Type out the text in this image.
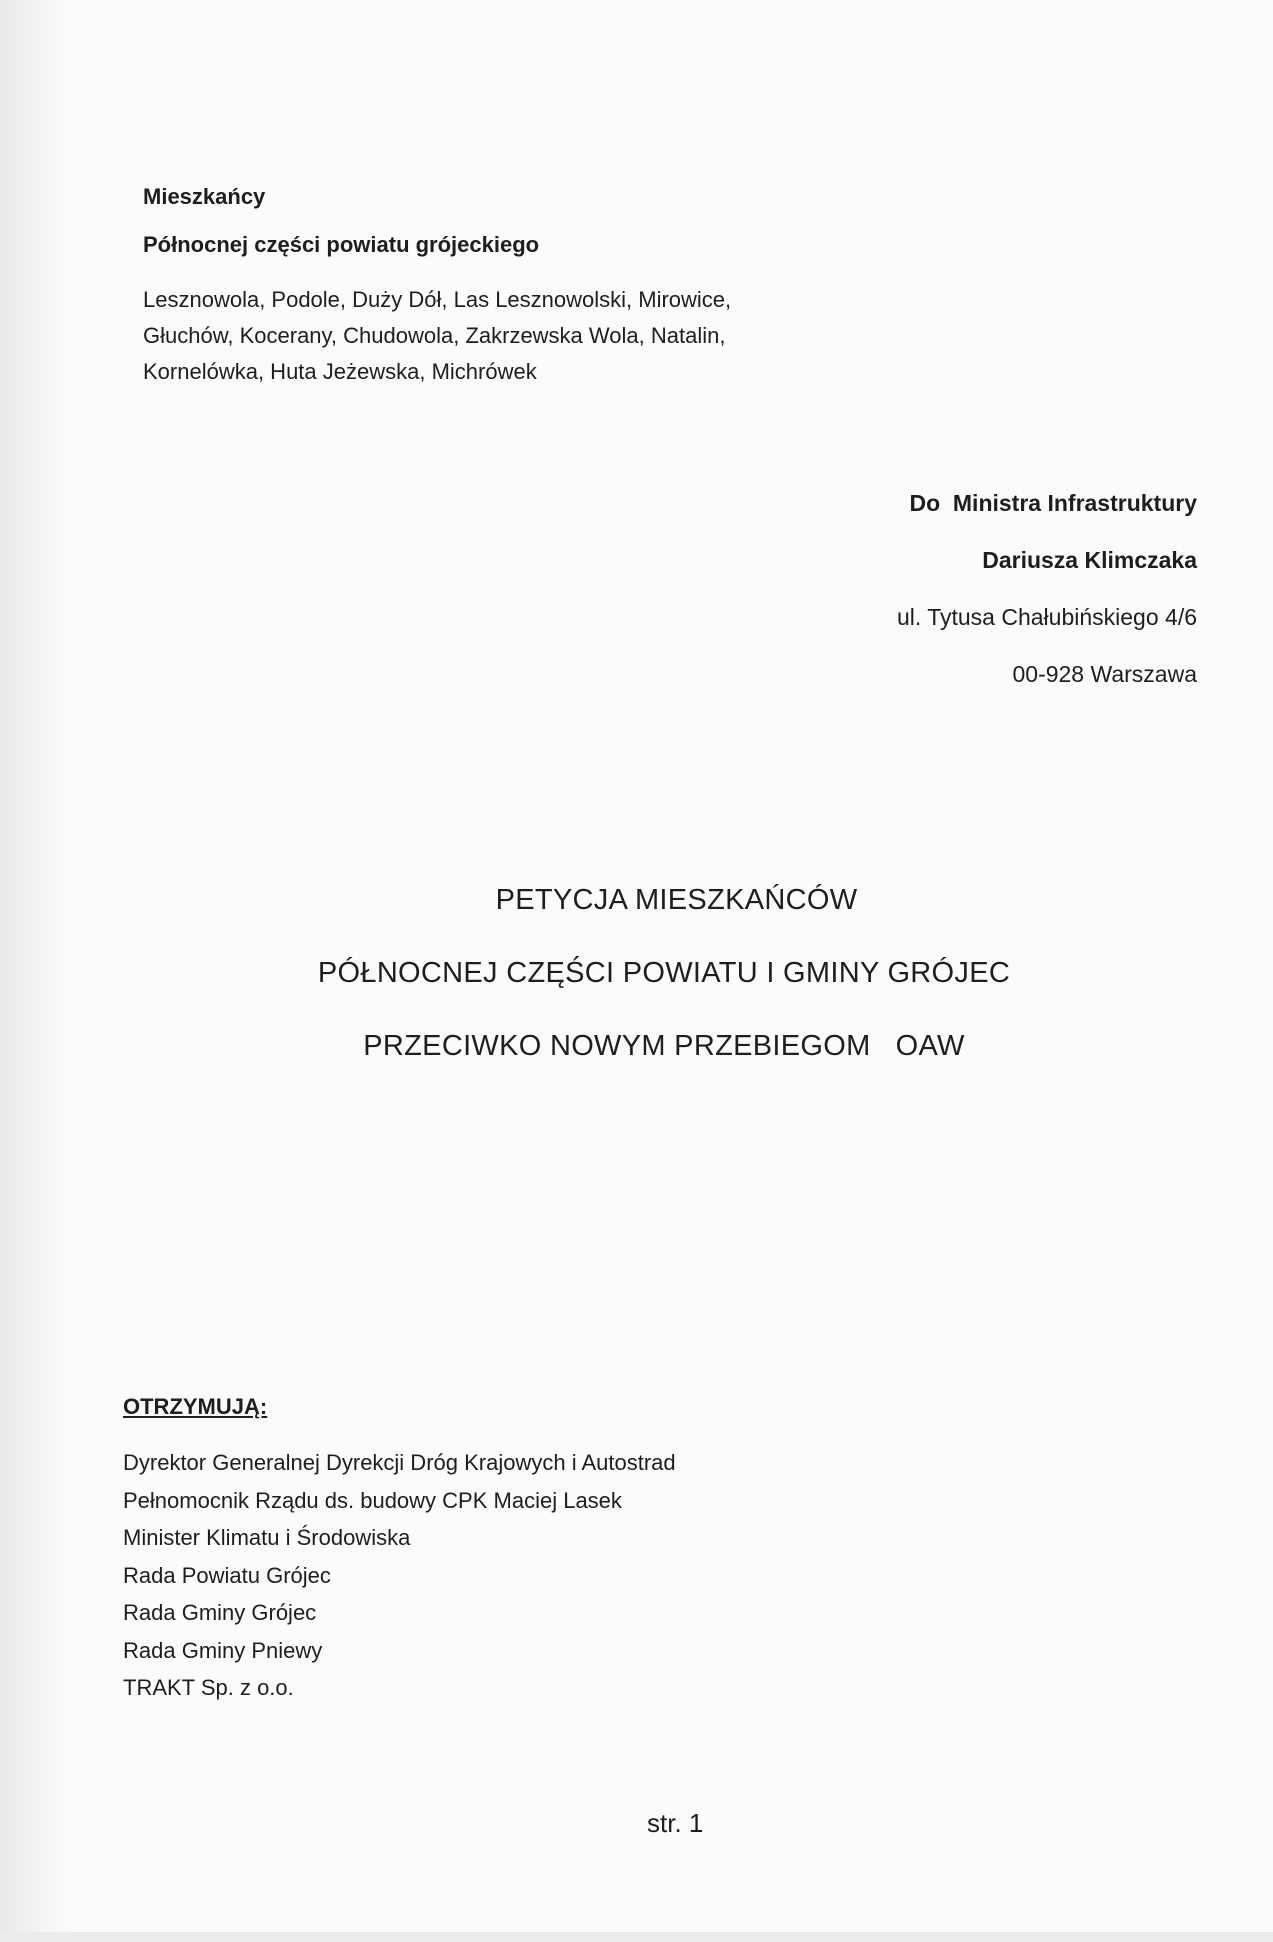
Mieszkańcy

Północnej części powiatu grójeckiego

Lesznowola, Podole, Duży Dół, Las Lesznowolski, Mirowice,
Głuchów, Kocerany, Chudowola, Zakrzewska Wola, Natalin,
Kornelówka, Huta Jeżewska, Michrówek

Do  Ministra Infrastruktury

Dariusza Klimczaka

ul. Tytusa Chałubińskiego 4/6

00-928 Warszawa

PETYCJA MIESZKAŃCÓW

PÓŁNOCNEJ CZĘŚCI POWIATU I GMINY GRÓJEC

PRZECIWKO NOWYM PRZEBIEGOM   OAW

OTRZYMUJĄ:

Dyrektor Generalnej Dyrekcji Dróg Krajowych i Autostrad

Pełnomocnik Rządu ds. budowy CPK Maciej Lasek

Minister Klimatu i Środowiska

Rada Powiatu Grójec

Rada Gminy Grójec

Rada Gminy Pniewy

TRAKT Sp. z o.o.

str. 1
